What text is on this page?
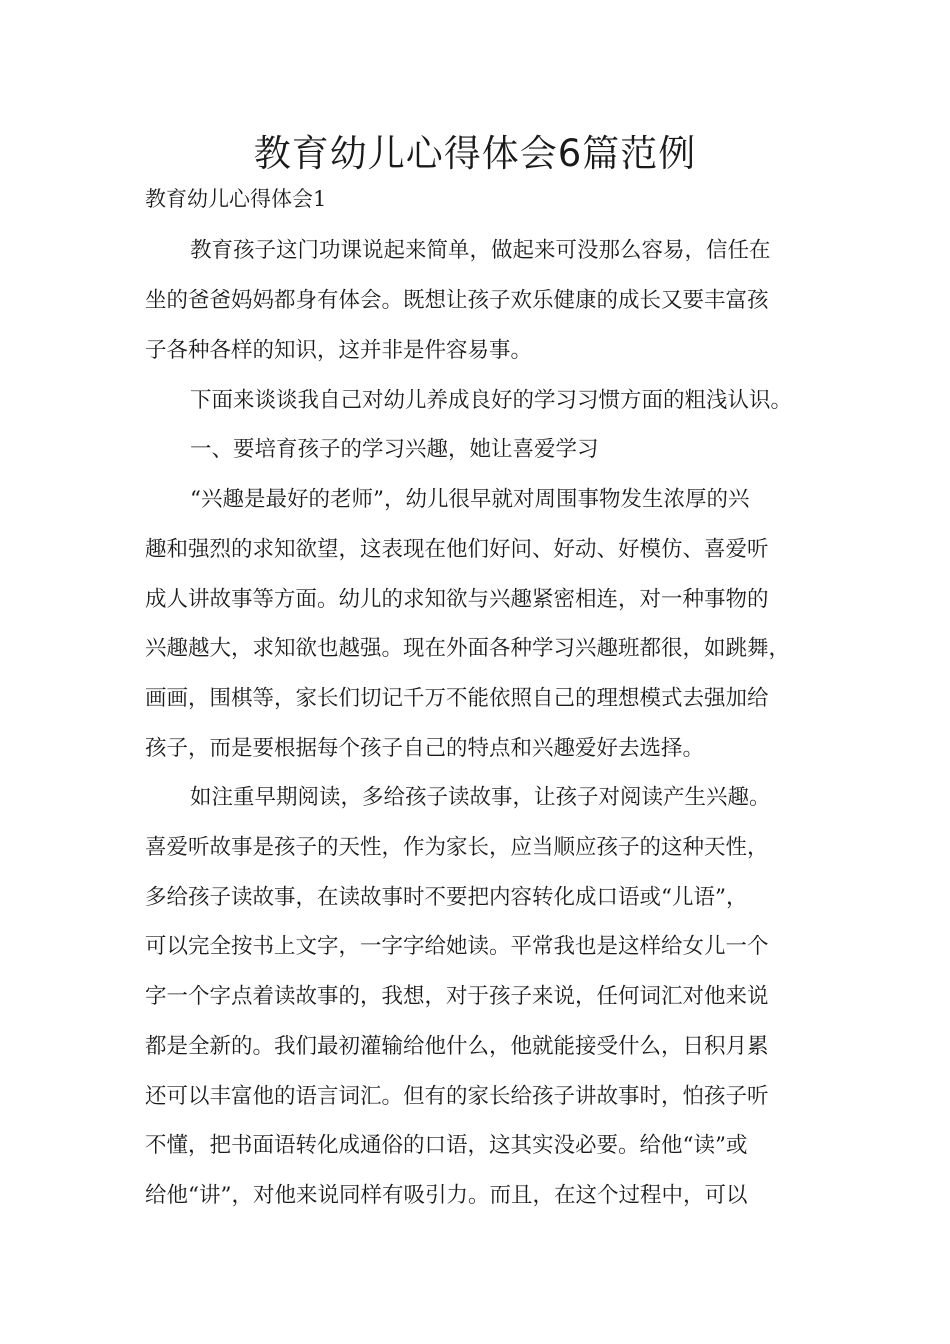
教育幼儿心得体会6篇范例

教育幼儿心得体会1

教育孩子这门功课说起来简单，做起来可没那么容易，信任在

坐的爸爸妈妈都身有体会。既想让孩子欢乐健康的成长又要丰富孩

子各种各样的知识，这并非是件容易事。

下面来谈谈我自己对幼儿养成良好的学习习惯方面的粗浅认识。

一、要培育孩子的学习兴趣，她让喜爱学习

“兴趣是最好的老师”，幼儿很早就对周围事物发生浓厚的兴

趣和强烈的求知欲望，这表现在他们好问、好动、好模仿、喜爱听

成人讲故事等方面。幼儿的求知欲与兴趣紧密相连，对一种事物的

兴趣越大，求知欲也越强。现在外面各种学习兴趣班都很，如跳舞，

画画，围棋等，家长们切记千万不能依照自己的理想模式去强加给

孩子，而是要根据每个孩子自己的特点和兴趣爱好去选择。

如注重早期阅读，多给孩子读故事，让孩子对阅读产生兴趣。

喜爱听故事是孩子的天性，作为家长，应当顺应孩子的这种天性，

多给孩子读故事，在读故事时不要把内容转化成口语或“儿语”，

可以完全按书上文字，一字字给她读。平常我也是这样给女儿一个

字一个字点着读故事的，我想，对于孩子来说，任何词汇对他来说

都是全新的。我们最初灌输给他什么，他就能接受什么，日积月累

还可以丰富他的语言词汇。但有的家长给孩子讲故事时，怕孩子听

不懂，把书面语转化成通俗的口语，这其实没必要。给他“读”或

给他“讲”，对他来说同样有吸引力。而且，在这个过程中，可以
